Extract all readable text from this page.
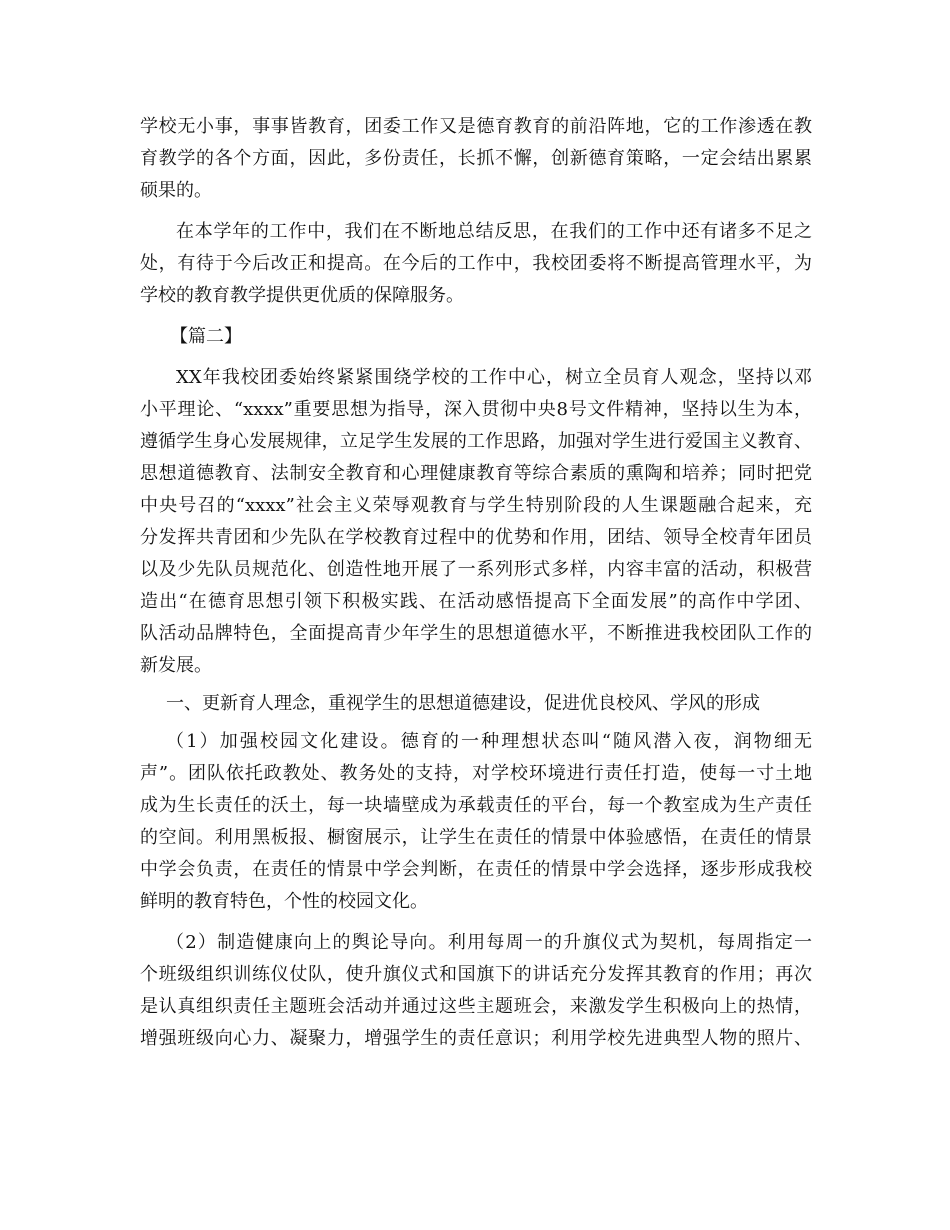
学校无小事，事事皆教育，团委工作又是德育教育的前沿阵地，它的工作渗透在教
育教学的各个方面，因此，多份责任，长抓不懈，创新德育策略，一定会结出累累
硕果的。
在本学年的工作中，我们在不断地总结反思，在我们的工作中还有诸多不足之
处，有待于今后改正和提高。在今后的工作中，我校团委将不断提高管理水平，为
学校的教育教学提供更优质的保障服务。
【篇二】
XX年我校团委始终紧紧围绕学校的工作中心，树立全员育人观念，坚持以邓
小平理论、“xxxx”重要思想为指导，深入贯彻中央8号文件精神，坚持以生为本，
遵循学生身心发展规律，立足学生发展的工作思路，加强对学生进行爱国主义教育、
思想道德教育、法制安全教育和心理健康教育等综合素质的熏陶和培养；同时把党
中央号召的“xxxx”社会主义荣辱观教育与学生特别阶段的人生课题融合起来，充
分发挥共青团和少先队在学校教育过程中的优势和作用，团结、领导全校青年团员
以及少先队员规范化、创造性地开展了一系列形式多样，内容丰富的活动，积极营
造出“在德育思想引领下积极实践、在活动感悟提高下全面发展”的高作中学团、
队活动品牌特色，全面提高青少年学生的思想道德水平，不断推进我校团队工作的
新发展。
一、更新育人理念，重视学生的思想道德建设，促进优良校风、学风的形成
（1）加强校园文化建设。德育的一种理想状态叫“随风潜入夜，润物细无
声”。团队依托政教处、教务处的支持，对学校环境进行责任打造，使每一寸土地
成为生长责任的沃土，每一块墙壁成为承载责任的平台，每一个教室成为生产责任
的空间。利用黑板报、橱窗展示，让学生在责任的情景中体验感悟，在责任的情景
中学会负责，在责任的情景中学会判断，在责任的情景中学会选择，逐步形成我校
鲜明的教育特色，个性的校园文化。
（2）制造健康向上的舆论导向。利用每周一的升旗仪式为契机，每周指定一
个班级组织训练仪仗队，使升旗仪式和国旗下的讲话充分发挥其教育的作用；再次
是认真组织责任主题班会活动并通过这些主题班会，来激发学生积极向上的热情，
增强班级向心力、凝聚力，增强学生的责任意识；利用学校先进典型人物的照片、
